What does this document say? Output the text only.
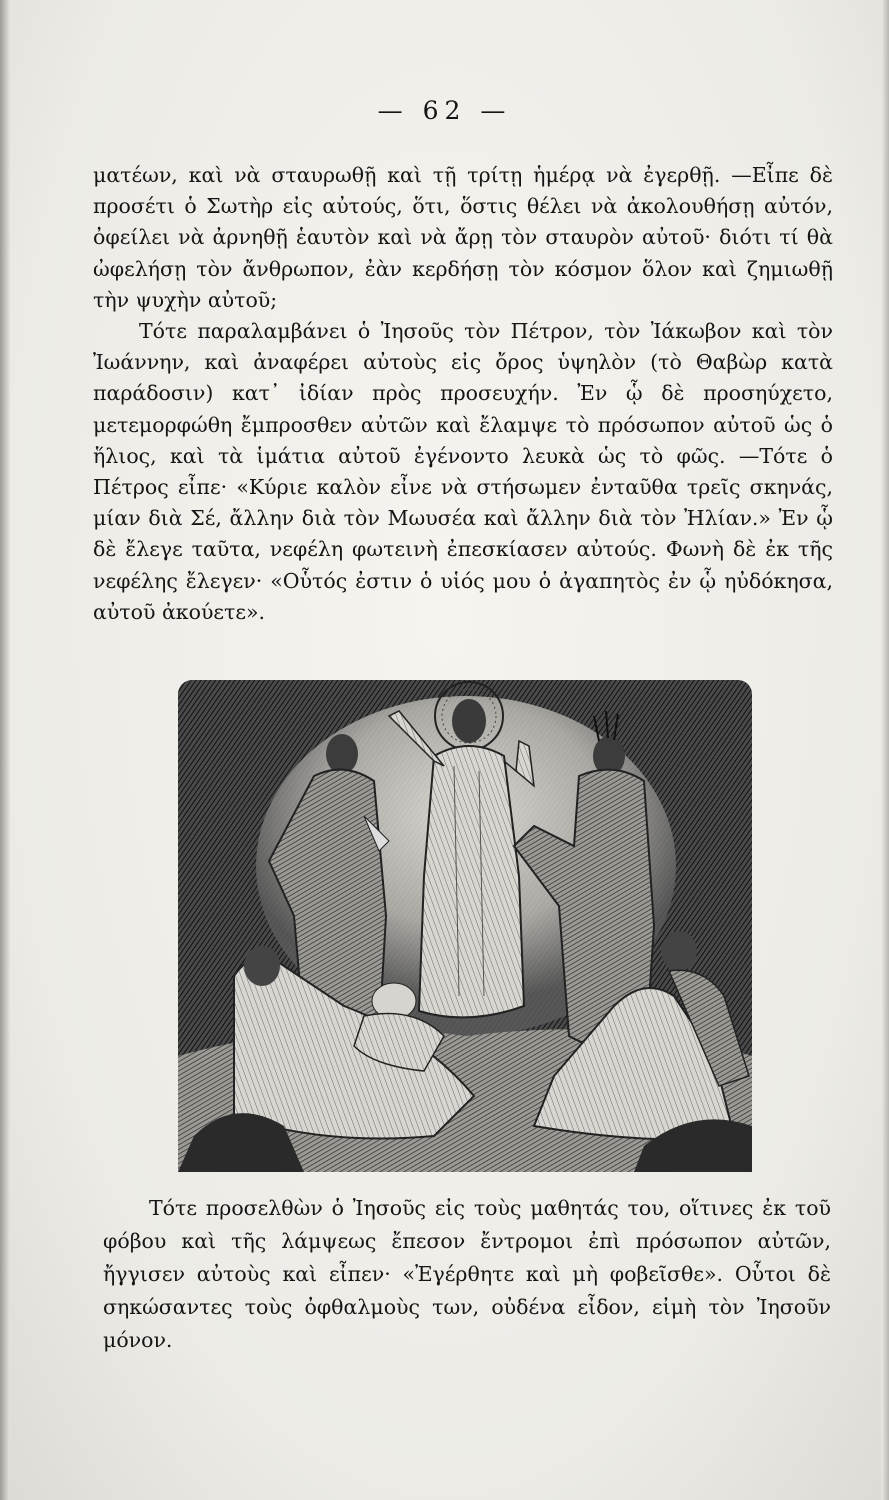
— 62 —

ματέων, καὶ νὰ σταυρωθῇ καὶ τῇ τρίτῃ ἡμέρᾳ νὰ ἐγερθῇ. —Εἶπε δὲ προσέτι ὁ Σωτὴρ εἰς αὐτούς, ὅτι, ὅστις θέλει νὰ ἀκολουθήσῃ αὐτόν, ὀφείλει νὰ ἀρνηθῇ ἑαυτὸν καὶ νὰ ἄρῃ τὸν σταυρὸν αὐτοῦ· διότι τί θὰ ὠφελήσῃ τὸν ἄνθρωπον, ἐὰν κερδήσῃ τὸν κόσμον ὅλον καὶ ζημιωθῇ τὴν ψυχὴν αὐτοῦ;

Τότε παραλαμβάνει ὁ Ἰησοῦς τὸν Πέτρον, τὸν Ἰάκωβον καὶ τὸν Ἰωάννην, καὶ ἀναφέρει αὐτοὺς εἰς ὄρος ὑψηλὸν (τὸ Θαβὼρ κατὰ παράδοσιν) κατ᾿ ἰδίαν πρὸς προσευχήν. Ἐν ᾧ δὲ προσηύχετο, μετεμορφώθη ἔμπροσθεν αὐτῶν καὶ ἔλαμψε τὸ πρόσωπον αὐτοῦ ὡς ὁ ἥλιος, καὶ τὰ ἱμάτια αὐτοῦ ἐγένοντο λευκὰ ὡς τὸ φῶς. —Τότε ὁ Πέτρος εἶπε· «Κύριε καλὸν εἶνε νὰ στήσωμεν ἐνταῦθα τρεῖς σκηνάς, μίαν διὰ Σέ, ἄλλην διὰ τὸν Μωυσέα καὶ ἄλλην διὰ τὸν Ἠλίαν.» Ἐν ᾧ δὲ ἔλεγε ταῦτα, νεφέλη φωτεινὴ ἐπεσκίασεν αὐτούς. Φωνὴ δὲ ἐκ τῆς νεφέλης ἔλεγεν· «Οὗτός ἐστιν ὁ υἱός μου ὁ ἀγαπητὸς ἐν ᾧ ηὐδόκησα, αὐτοῦ ἀκούετε».

Τότε προσελθὼν ὁ Ἰησοῦς εἰς τοὺς μαθητάς του, οἵτινες ἐκ τοῦ φόβου καὶ τῆς λάμψεως ἔπεσον ἔντρομοι ἐπὶ πρόσωπον αὐτῶν, ἤγγισεν αὐτοὺς καὶ εἶπεν· «Ἐγέρθητε καὶ μὴ φοβεῖσθε». Οὗτοι δὲ σηκώσαντες τοὺς ὀφθαλμοὺς των, οὐδένα εἶδον, εἰμὴ τὸν Ἰησοῦν μόνον.
